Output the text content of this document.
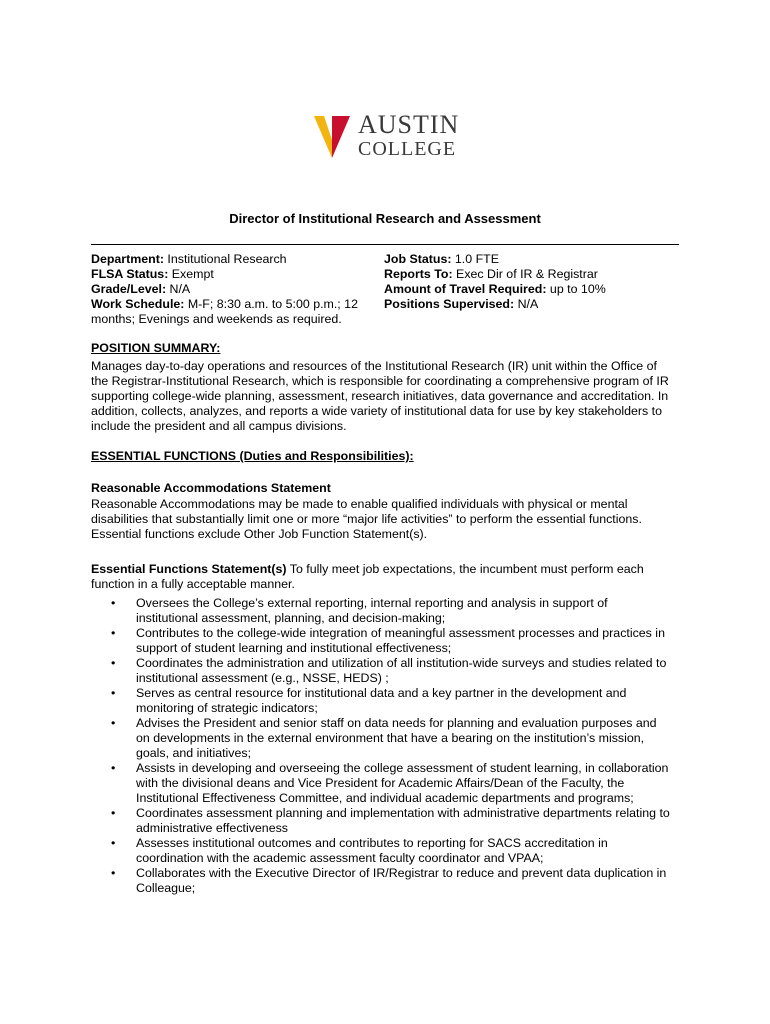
AUSTIN
COLLEGE
Director of Institutional Research and Assessment
Department: Institutional Research
FLSA Status: Exempt
Grade/Level: N/A
Work Schedule: M-F; 8:30 a.m. to 5:00 p.m.; 12
months; Evenings and weekends as required.
Job Status: 1.0 FTE
Reports To: Exec Dir of IR & Registrar
Amount of Travel Required: up to 10%
Positions Supervised: N/A
POSITION SUMMARY:
Manages day-to-day operations and resources of the Institutional Research (IR) unit within the Office of
the Registrar-Institutional Research, which is responsible for coordinating a comprehensive program of IR
supporting college-wide planning, assessment, research initiatives, data governance and accreditation. In
addition, collects, analyzes, and reports a wide variety of institutional data for use by key stakeholders to
include the president and all campus divisions.
ESSENTIAL FUNCTIONS (Duties and Responsibilities):
Reasonable Accommodations Statement
Reasonable Accommodations may be made to enable qualified individuals with physical or mental
disabilities that substantially limit one or more “major life activities” to perform the essential functions.
Essential functions exclude Other Job Function Statement(s).
Essential Functions Statement(s) To fully meet job expectations, the incumbent must perform each
function in a fully acceptable manner.
• Oversees the College’s external reporting, internal reporting and analysis in support of
institutional assessment, planning, and decision-making;
• Contributes to the college-wide integration of meaningful assessment processes and practices in
support of student learning and institutional effectiveness;
• Coordinates the administration and utilization of all institution-wide surveys and studies related to
institutional assessment (e.g., NSSE, HEDS) ;
• Serves as central resource for institutional data and a key partner in the development and
monitoring of strategic indicators;
• Advises the President and senior staff on data needs for planning and evaluation purposes and
on developments in the external environment that have a bearing on the institution’s mission,
goals, and initiatives;
• Assists in developing and overseeing the college assessment of student learning, in collaboration
with the divisional deans and Vice President for Academic Affairs/Dean of the Faculty, the
Institutional Effectiveness Committee, and individual academic departments and programs;
• Coordinates assessment planning and implementation with administrative departments relating to
administrative effectiveness
• Assesses institutional outcomes and contributes to reporting for SACS accreditation in
coordination with the academic assessment faculty coordinator and VPAA;
• Collaborates with the Executive Director of IR/Registrar to reduce and prevent data duplication in
Colleague;
